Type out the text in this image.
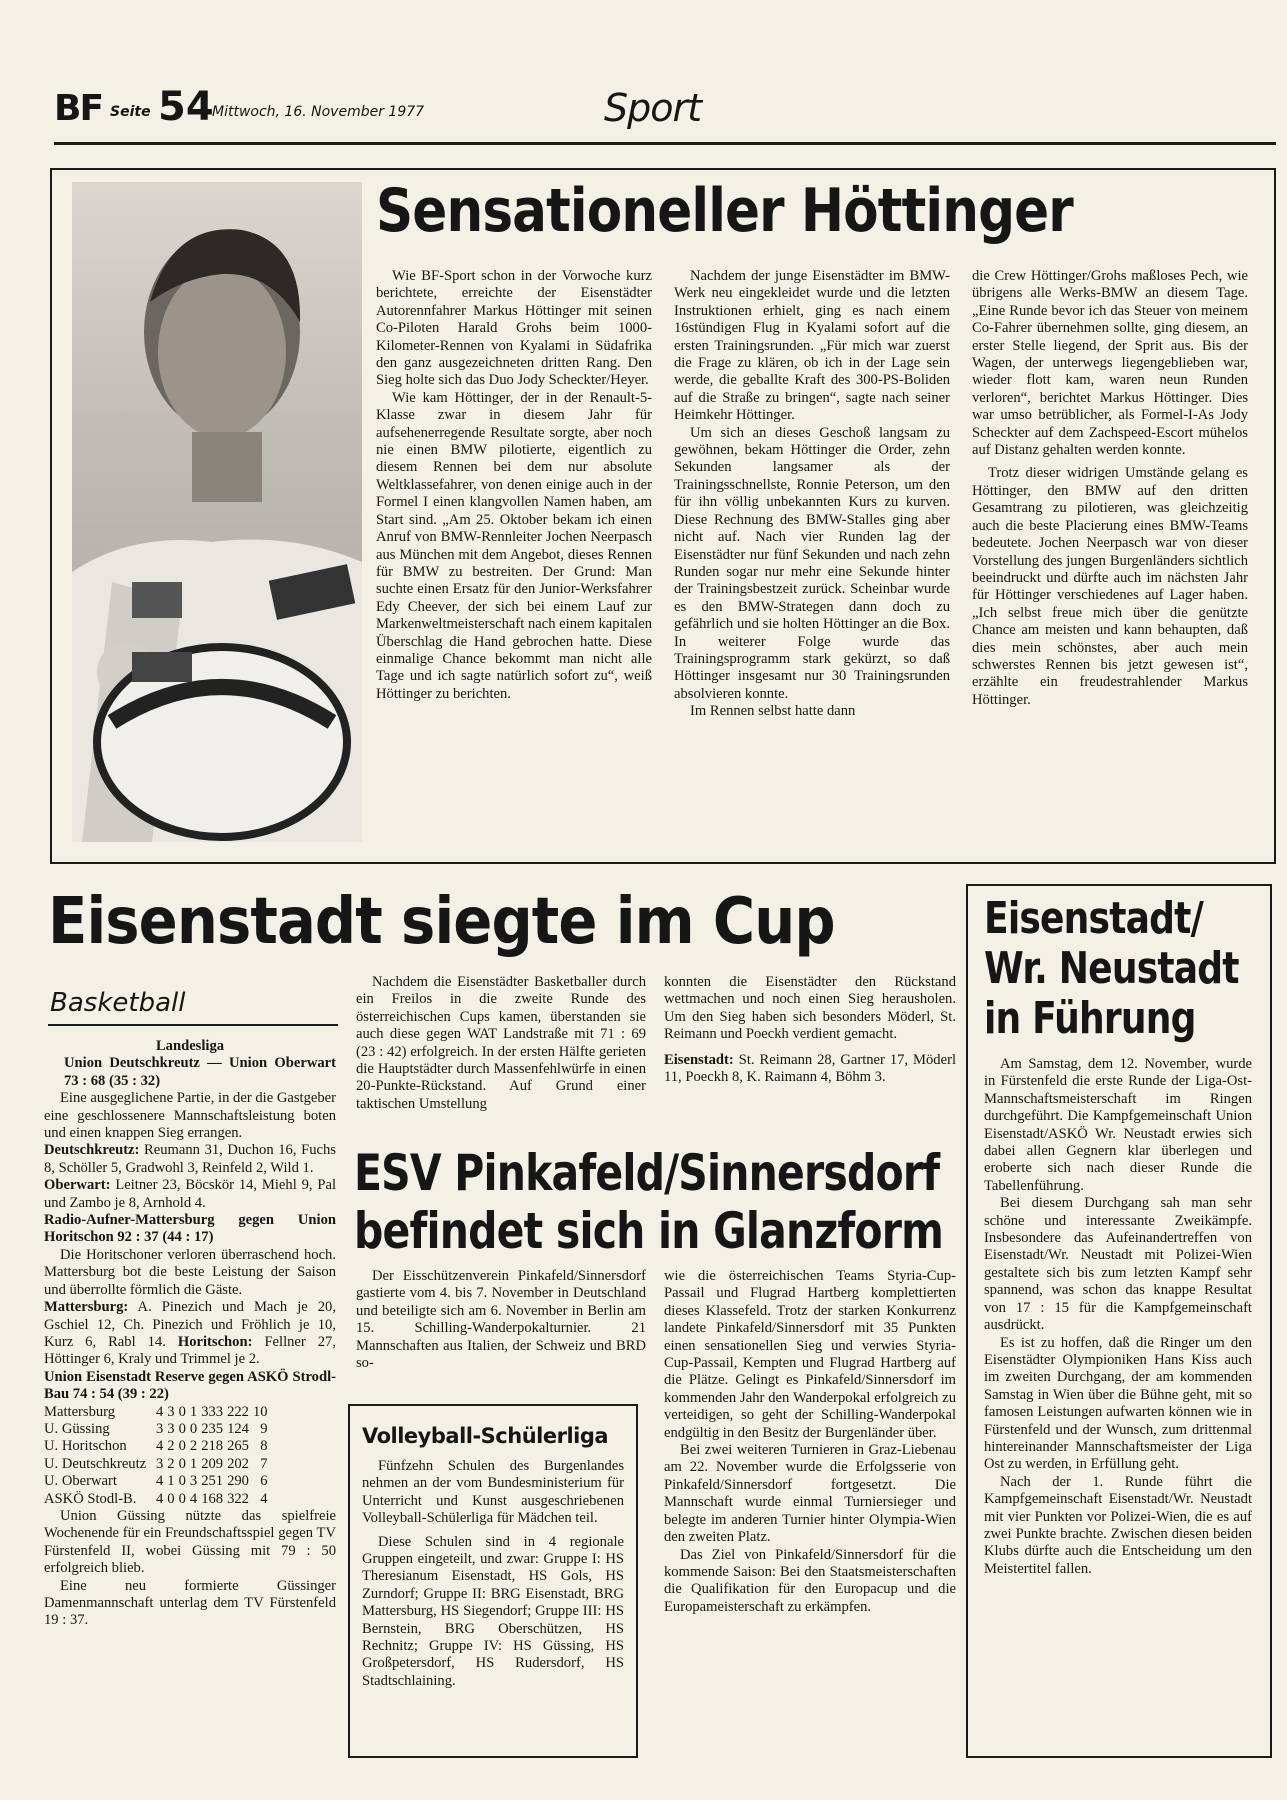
BF Seite 54
Mittwoch, 16. November 1977	Sport
Sensationeller Höttinger

Wie BF-Sport schon in der Vorwoche kurz berichtete, erreichte der Eisenstädter Autorennfahrer Markus Höttinger mit seinen Co-Piloten Harald Grohs beim 1000-Kilometer-Rennen von Kyalami in Südafrika den ganz ausgezeichneten dritten Rang. Den Sieg holte sich das Duo Jody Scheckter/Heyer.

Wie kam Höttinger, der in der Renault-5-Klasse zwar in diesem Jahr für aufsehenerregende Resultate sorgte, aber noch nie einen BMW pilotierte, eigentlich zu diesem Rennen bei dem nur absolute Weltklassefahrer, von denen einige auch in der Formel I einen klangvollen Namen haben, am Start sind. „Am 25. Oktober bekam ich einen Anruf von BMW-Rennleiter Jochen Neerpasch aus München mit dem Angebot, dieses Rennen für BMW zu bestreiten. Der Grund: Man suchte einen Ersatz für den Junior-Werksfahrer Edy Cheever, der sich bei einem Lauf zur Markenweltmeisterschaft nach einem kapitalen Überschlag die Hand gebrochen hatte. Diese einmalige Chance bekommt man nicht alle Tage und ich sagte natürlich sofort zu“, weiß Höttinger zu berichten.

Nachdem der junge Eisenstädter im BMW-Werk neu eingekleidet wurde und die letzten Instruktionen erhielt, ging es nach einem 16stündigen Flug in Kyalami sofort auf die ersten Trainingsrunden. „Für mich war zuerst die Frage zu klären, ob ich in der Lage sein werde, die geballte Kraft des 300-PS-Boliden auf die Straße zu bringen“, sagte nach seiner Heimkehr Höttinger.

Um sich an dieses Geschoß langsam zu gewöhnen, bekam Höttinger die Order, zehn Sekunden langsamer als der Trainingsschnellste, Ronnie Peterson, um den für ihn völlig unbekannten Kurs zu kurven. Diese Rechnung des BMW-Stalles ging aber nicht auf. Nach vier Runden lag der Eisenstädter nur fünf Sekunden und nach zehn Runden sogar nur mehr eine Sekunde hinter der Trainingsbestzeit zurück. Scheinbar wurde es den BMW-Strategen dann doch zu gefährlich und sie holten Höttinger an die Box. In weiterer Folge wurde das Trainingsprogramm stark gekürzt, so daß Höttinger insgesamt nur 30 Trainingsrunden absolvieren konnte.

Im Rennen selbst hatte dann

die Crew Höttinger/Grohs maßloses Pech, wie übrigens alle Werks-BMW an diesem Tage. „Eine Runde bevor ich das Steuer von meinem Co-Fahrer übernehmen sollte, ging diesem, an erster Stelle liegend, der Sprit aus. Bis der Wagen, der unterwegs liegengeblieben war, wieder flott kam, waren neun Runden verloren“, berichtet Markus Höttinger. Dies war umso betrüblicher, als Formel-I-As Jody Scheckter auf dem Zachspeed-Escort mühelos auf Distanz gehalten werden konnte.

Trotz dieser widrigen Umstände gelang es Höttinger, den BMW auf den dritten Gesamtrang zu pilotieren, was gleichzeitig auch die beste Placierung eines BMW-Teams bedeutete. Jochen Neerpasch war von dieser Vorstellung des jungen Burgenländers sichtlich beeindruckt und dürfte auch im nächsten Jahr für Höttinger verschiedenes auf Lager haben. „Ich selbst freue mich über die genützte Chance am meisten und kann behaupten, daß dies mein schönstes, aber auch mein schwerstes Rennen bis jetzt gewesen ist“, erzählte ein freudestrahlender Markus Höttinger.

Eisenstadt siegte im Cup
Basketball

Landesliga

Union Deutschkreutz — Union Oberwart 73 : 68 (35 : 32)

Eine ausgeglichene Partie, in der die Gastgeber eine geschlossenere Mannschaftsleistung boten und einen knappen Sieg errangen.

Deutschkreutz: Reumann 31, Duchon 16, Fuchs 8, Schöller 5, Gradwohl 3, Reinfeld 2, Wild 1.

Oberwart: Leitner 23, Böcskör 14, Miehl 9, Pal und Zambo je 8, Arnhold 4.

Radio-Aufner-Mattersburg gegen Union Horitschon 92 : 37 (44 : 17)

Die Horitschoner verloren überraschend hoch. Mattersburg bot die beste Leistung der Saison und überrollte förmlich die Gäste.

Mattersburg: A. Pinezich und Mach je 20, Gschiel 12, Ch. Pinezich und Fröhlich je 10, Kurz 6, Rabl 14. Horitschon: Fellner 27, Höttinger 6, Kraly und Trimmel je 2.

Union Eisenstadt Reserve gegen ASKÖ Strodl-Bau 74 : 54 (39 : 22)

Mattersburg	4	3	0	1	333	222	10
U. Güssing	3	3	0	0	235	124	9
U. Horitschon	4	2	0	2	218	265	8
U. Deutschkreutz	3	2	0	1	209	202	7
U. Oberwart	4	1	0	3	251	290	6
ASKÖ Stodl-B.	4	0	0	4	168	322	4

Union Güssing nützte das spielfreie Wochenende für ein Freundschaftsspiel gegen TV Fürstenfeld II, wobei Güssing mit 79 : 50 erfolgreich blieb.

Eine neu formierte Güssinger Damenmannschaft unterlag dem TV Fürstenfeld 19 : 37.

Nachdem die Eisenstädter Basketballer durch ein Freilos in die zweite Runde des österreichischen Cups kamen, überstanden sie auch diese gegen WAT Landstraße mit 71 : 69 (23 : 42) erfolgreich. In der ersten Hälfte gerieten die Hauptstädter durch Massenfehlwürfe in einen 20-Punkte-Rückstand. Auf Grund einer taktischen Umstellung

konnten die Eisenstädter den Rückstand wettmachen und noch einen Sieg herausholen. Um den Sieg haben sich besonders Möderl, St. Reimann und Poeckh verdient gemacht.

Eisenstadt: St. Reimann 28, Gartner 17, Möderl 11, Poeckh 8, K. Raimann 4, Böhm 3.

ESV Pinkafeld/Sinnersdorf
befindet sich in Glanzform

Der Eisschützenverein Pinkafeld/Sinnersdorf gastierte vom 4. bis 7. November in Deutschland und beteiligte sich am 6. November in Berlin am 15. Schilling-Wanderpokalturnier. 21 Mannschaften aus Italien, der Schweiz und BRD so-

wie die österreichischen Teams Styria-Cup-Passail und Flugrad Hartberg komplettierten dieses Klassefeld. Trotz der starken Konkurrenz landete Pinkafeld/Sinnersdorf mit 35 Punkten einen sensationellen Sieg und verwies Styria-Cup-Passail, Kempten und Flugrad Hartberg auf die Plätze. Gelingt es Pinkafeld/Sinnersdorf im kommenden Jahr den Wanderpokal erfolgreich zu verteidigen, so geht der Schilling-Wanderpokal endgültig in den Besitz der Burgenländer über.

Bei zwei weiteren Turnieren in Graz-Liebenau am 22. November wurde die Erfolgsserie von Pinkafeld/Sinnersdorf fortgesetzt. Die Mannschaft wurde einmal Turniersieger und belegte im anderen Turnier hinter Olympia-Wien den zweiten Platz.

Das Ziel von Pinkafeld/Sinnersdorf für die kommende Saison: Bei den Staatsmeisterschaften die Qualifikation für den Europacup und die Europameisterschaft zu erkämpfen.

Volleyball-Schülerliga

Fünfzehn Schulen des Burgenlandes nehmen an der vom Bundesministerium für Unterricht und Kunst ausgeschriebenen Volleyball-Schülerliga für Mädchen teil.

Diese Schulen sind in 4 regionale Gruppen eingeteilt, und zwar: Gruppe I: HS Theresianum Eisenstadt, HS Gols, HS Zurndorf; Gruppe II: BRG Eisenstadt, BRG Mattersburg, HS Siegendorf; Gruppe III: HS Bernstein, BRG Oberschützen, HS Rechnitz; Gruppe IV: HS Güssing, HS Großpetersdorf, HS Rudersdorf, HS Stadtschlaining.

Eisenstadt/
Wr. Neustadt
in Führung

Am Samstag, dem 12. November, wurde in Fürstenfeld die erste Runde der Liga-Ost-Mannschaftsmeisterschaft im Ringen durchgeführt. Die Kampfgemeinschaft Union Eisenstadt/ASKÖ Wr. Neustadt erwies sich dabei allen Gegnern klar überlegen und eroberte sich nach dieser Runde die Tabellenführung.

Bei diesem Durchgang sah man sehr schöne und interessante Zweikämpfe. Insbesondere das Aufeinandertreffen von Eisenstadt/Wr. Neustadt mit Polizei-Wien gestaltete sich bis zum letzten Kampf sehr spannend, was schon das knappe Resultat von 17 : 15 für die Kampfgemeinschaft ausdrückt.

Es ist zu hoffen, daß die Ringer um den Eisenstädter Olympioniken Hans Kiss auch im zweiten Durchgang, der am kommenden Samstag in Wien über die Bühne geht, mit so famosen Leistungen aufwarten können wie in Fürstenfeld und der Wunsch, zum drittenmal hintereinander Mannschaftsmeister der Liga Ost zu werden, in Erfüllung geht.

Nach der 1. Runde führt die Kampfgemeinschaft Eisenstadt/Wr. Neustadt mit vier Punkten vor Polizei-Wien, die es auf zwei Punkte brachte. Zwischen diesen beiden Klubs dürfte auch die Entscheidung um den Meistertitel fallen.
